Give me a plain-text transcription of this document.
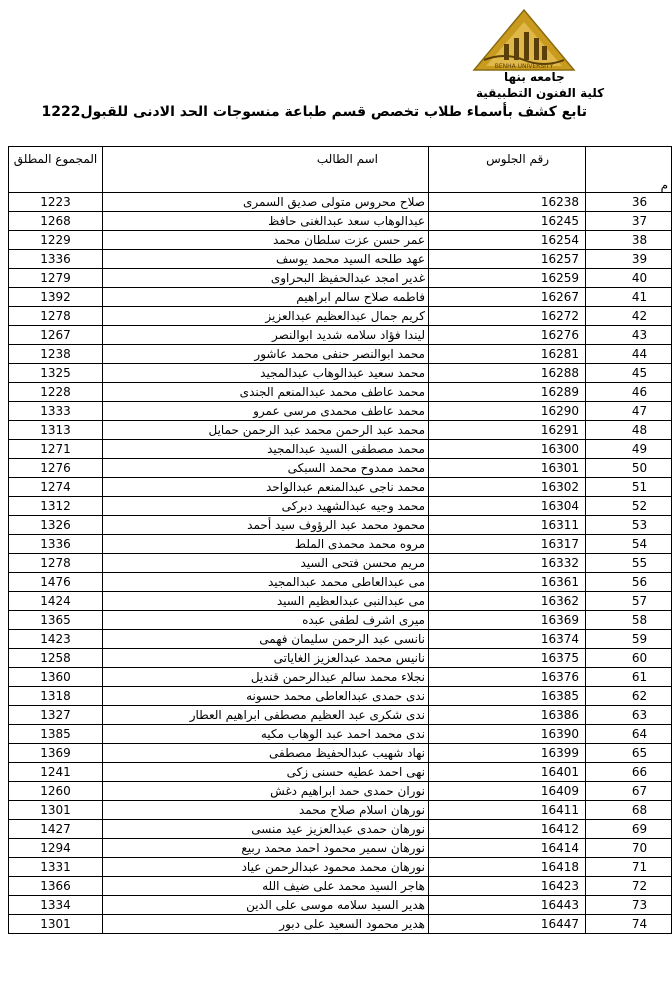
BENHA UNIVERSITY
جامعه بنها
كلية الفنون التطبيقية
تابع كشف بأسماء طلاب تخصص قسم طباعة منسوجات الحد الادنى للقبول1222
المجموع المطلق	اسم الطالب	رقم الجلوس	م
1223	صلاح محروس متولى صديق السمرى	16238	36
1268	عبدالوهاب سعد عبدالغنى حافظ	16245	37
1229	عمر حسن عزت سلطان محمد	16254	38
1336	عهد طلحه السيد محمد يوسف	16257	39
1279	غدير امجد عبدالحفيظ البحراوى	16259	40
1392	فاطمه صلاح سالم ابراهيم	16267	41
1278	كريم جمال عبدالعظيم عبدالعزيز	16272	42
1267	ليندا فؤاد سلامه شديد ابوالنصر	16276	43
1238	محمد ابوالنصر حنفى محمد عاشور	16281	44
1325	محمد سعيد عبدالوهاب عبدالمجيد	16288	45
1228	محمد عاطف محمد عبدالمنعم الجندى	16289	46
1333	محمد عاطف محمدى مرسى عمرو	16290	47
1313	محمد عبد الرحمن محمد عبد الرحمن حمايل	16291	48
1271	محمد مصطفى السيد عبدالمجيد	16300	49
1276	محمد ممدوح محمد السبكى	16301	50
1274	محمد ناجى عبدالمنعم عبدالواحد	16302	51
1312	محمد وجيه عبدالشهيد دبركى	16304	52
1326	محمود محمد عبد الرؤوف سيد أحمد	16311	53
1336	مروه محمد محمدى الملط	16317	54
1278	مريم محسن فتحى السيد	16332	55
1476	مى عبدالعاطى محمد عبدالمجيد	16361	56
1424	مى عبدالنبى عبدالعظيم السيد	16362	57
1365	ميرى اشرف لطفى عبده	16369	58
1423	نانسى عبد الرحمن سليمان فهمى	16374	59
1258	نانيس محمد عبدالعزيز الغاياتى	16375	60
1360	نجلاء محمد سالم عبدالرحمن قنديل	16376	61
1318	ندى حمدى عبدالعاطى محمد حسونه	16385	62
1327	ندى شكرى عبد العظيم مصطفى ابراهيم العطار	16386	63
1385	ندى محمد احمد عبد الوهاب مكيه	16390	64
1369	نهاد شهيب عبدالحفيظ مصطفى	16399	65
1241	نهى احمد عطيه حسنى زكى	16401	66
1260	نوران حمدى حمد ابراهيم دغش	16409	67
1301	نورهان اسلام صلاح محمد	16411	68
1427	نورهان حمدى عبدالعزيز عيد منسى	16412	69
1294	نورهان سمير محمود احمد محمد ربيع	16414	70
1331	نورهان محمد محمود عبدالرحمن عياد	16418	71
1366	هاجر السيد محمد على ضيف الله	16423	72
1334	هدير السيد سلامه موسى على الدين	16443	73
1301	هدير محمود السعيد على دبور	16447	74
